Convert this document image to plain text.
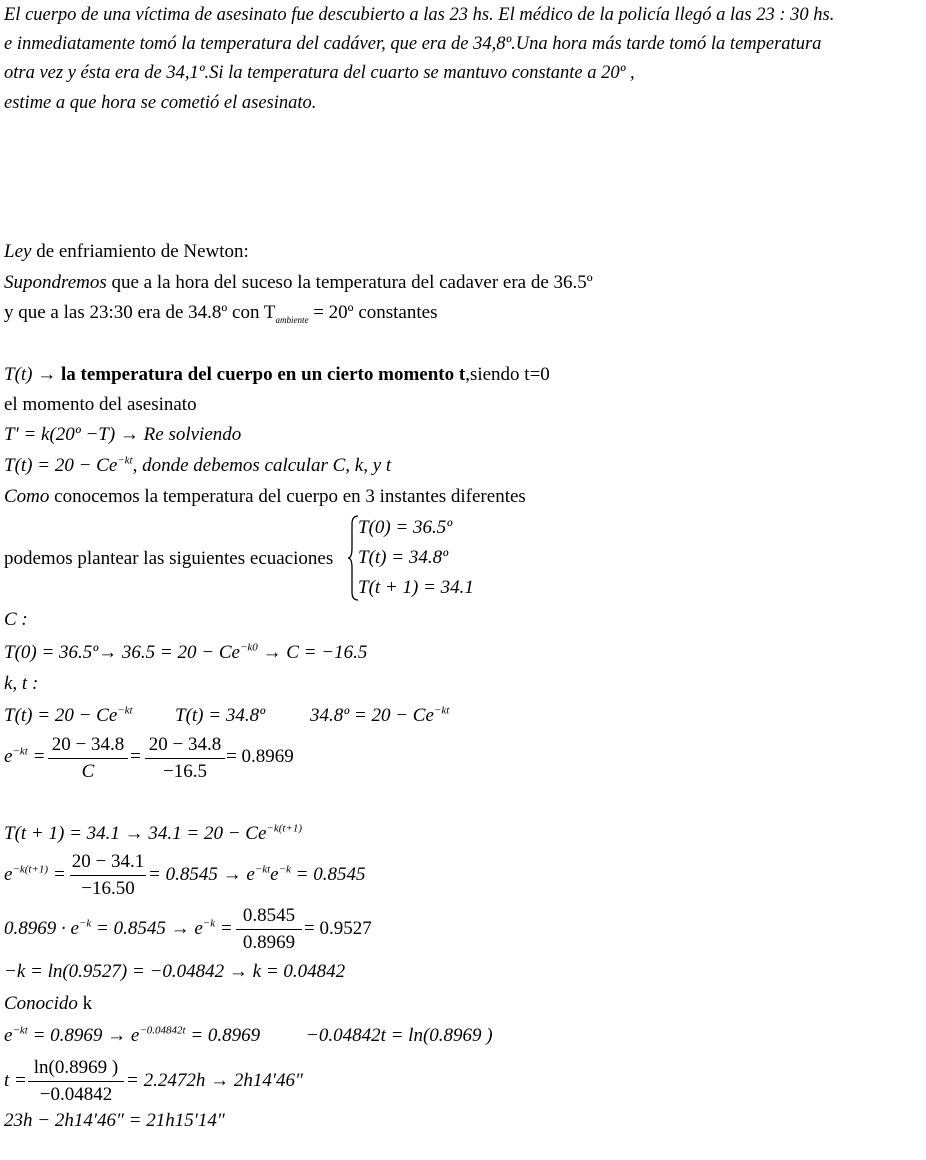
El cuerpo de una víctima de asesinato fue descubierto a las 23 hs. El médico de la policía llegó a las 23 : 30 hs.
e inmediatamente tomó la temperatura del cadáver, que era de 34,8º.Una hora más tarde tomó la temperatura
otra vez y ésta era de 34,1º.Si la temperatura del cuarto se mantuvo constante a 20º ,
estime a que hora se cometió el asesinato.
Ley de enfriamiento de Newton:
Supondremos que a la hora del suceso la temperatura del cadaver era de 36.5º
y que a las 23:30 era de 34.8º con $T_{ambiente}$ = 20º constantes
T(t) → la temperatura del cuerpo en un cierto momento t,siendo t=0
el momento del asesinato
T′ = k(20º −T) → Re solviendo
$T(t) = 20 - Ce^{-kt}$, donde debemos calcular C, k, y t
Como conocemos la temperatura del cuerpo en 3 instantes diferentes
podemos plantear las siguientes ecuaciones
T(0) = 36.5º
T(t) = 34.8º
T(t + 1) = 34.1
C :
T(0) = 36.5º→ $36.5 = 20 - Ce^{-k0} \to C = -16.5$
k, t :
$T(t) = 20 - Ce^{-kt}$ T(t) = 34.8º 34.8º = $20 - Ce^{-kt}$
$e^{-kt} = \frac{20 - 34.8}{C} = \frac{20 - 34.8}{-16.5} = 0.8969$
$T(t + 1) = 34.1 \to 34.1 = 20 - Ce^{-k(t+1)}$
$e^{-k(t+1)} = \frac{20 - 34.1}{-16.50} = 0.8545 \to e^{-kt}e^{-k} = 0.8545$
$0.8969 \cdot e^{-k} = 0.8545 \to e^{-k} = \frac{0.8545}{0.8969} = 0.9527$
−k = ln(0.9527) = −0.04842 → k = 0.04842
Conocido k
$e^{-kt} = 0.8969 \to e^{-0.04842t} = 0.8969 -0.04842t = \ln(0.8969$ )
$t = \frac{\ln(0.8969 )}{-0.04842} = 2.2472h \to 2h14'46''$
23h − 2h14′46″ = 21h15′14″
